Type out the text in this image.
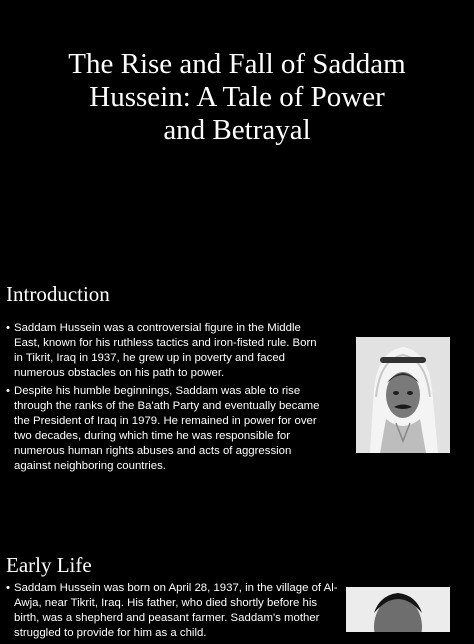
The Rise and Fall of Saddam
Hussein: A Tale of Power
and Betrayal
Introduction
• Saddam Hussein was a controversial figure in the Middle East, known for his ruthless tactics and iron-fisted rule. Born in Tikrit, Iraq in 1937, he grew up in poverty and faced numerous obstacles on his path to power.
• Despite his humble beginnings, Saddam was able to rise through the ranks of the Ba'ath Party and eventually became the President of Iraq in 1979. He remained in power for over two decades, during which time he was responsible for numerous human rights abuses and acts of aggression against neighboring countries.
Early Life
• Saddam Hussein was born on April 28, 1937, in the village of Al-Awja, near Tikrit, Iraq. His father, who died shortly before his birth, was a shepherd and peasant farmer. Saddam's mother struggled to provide for him as a child.
